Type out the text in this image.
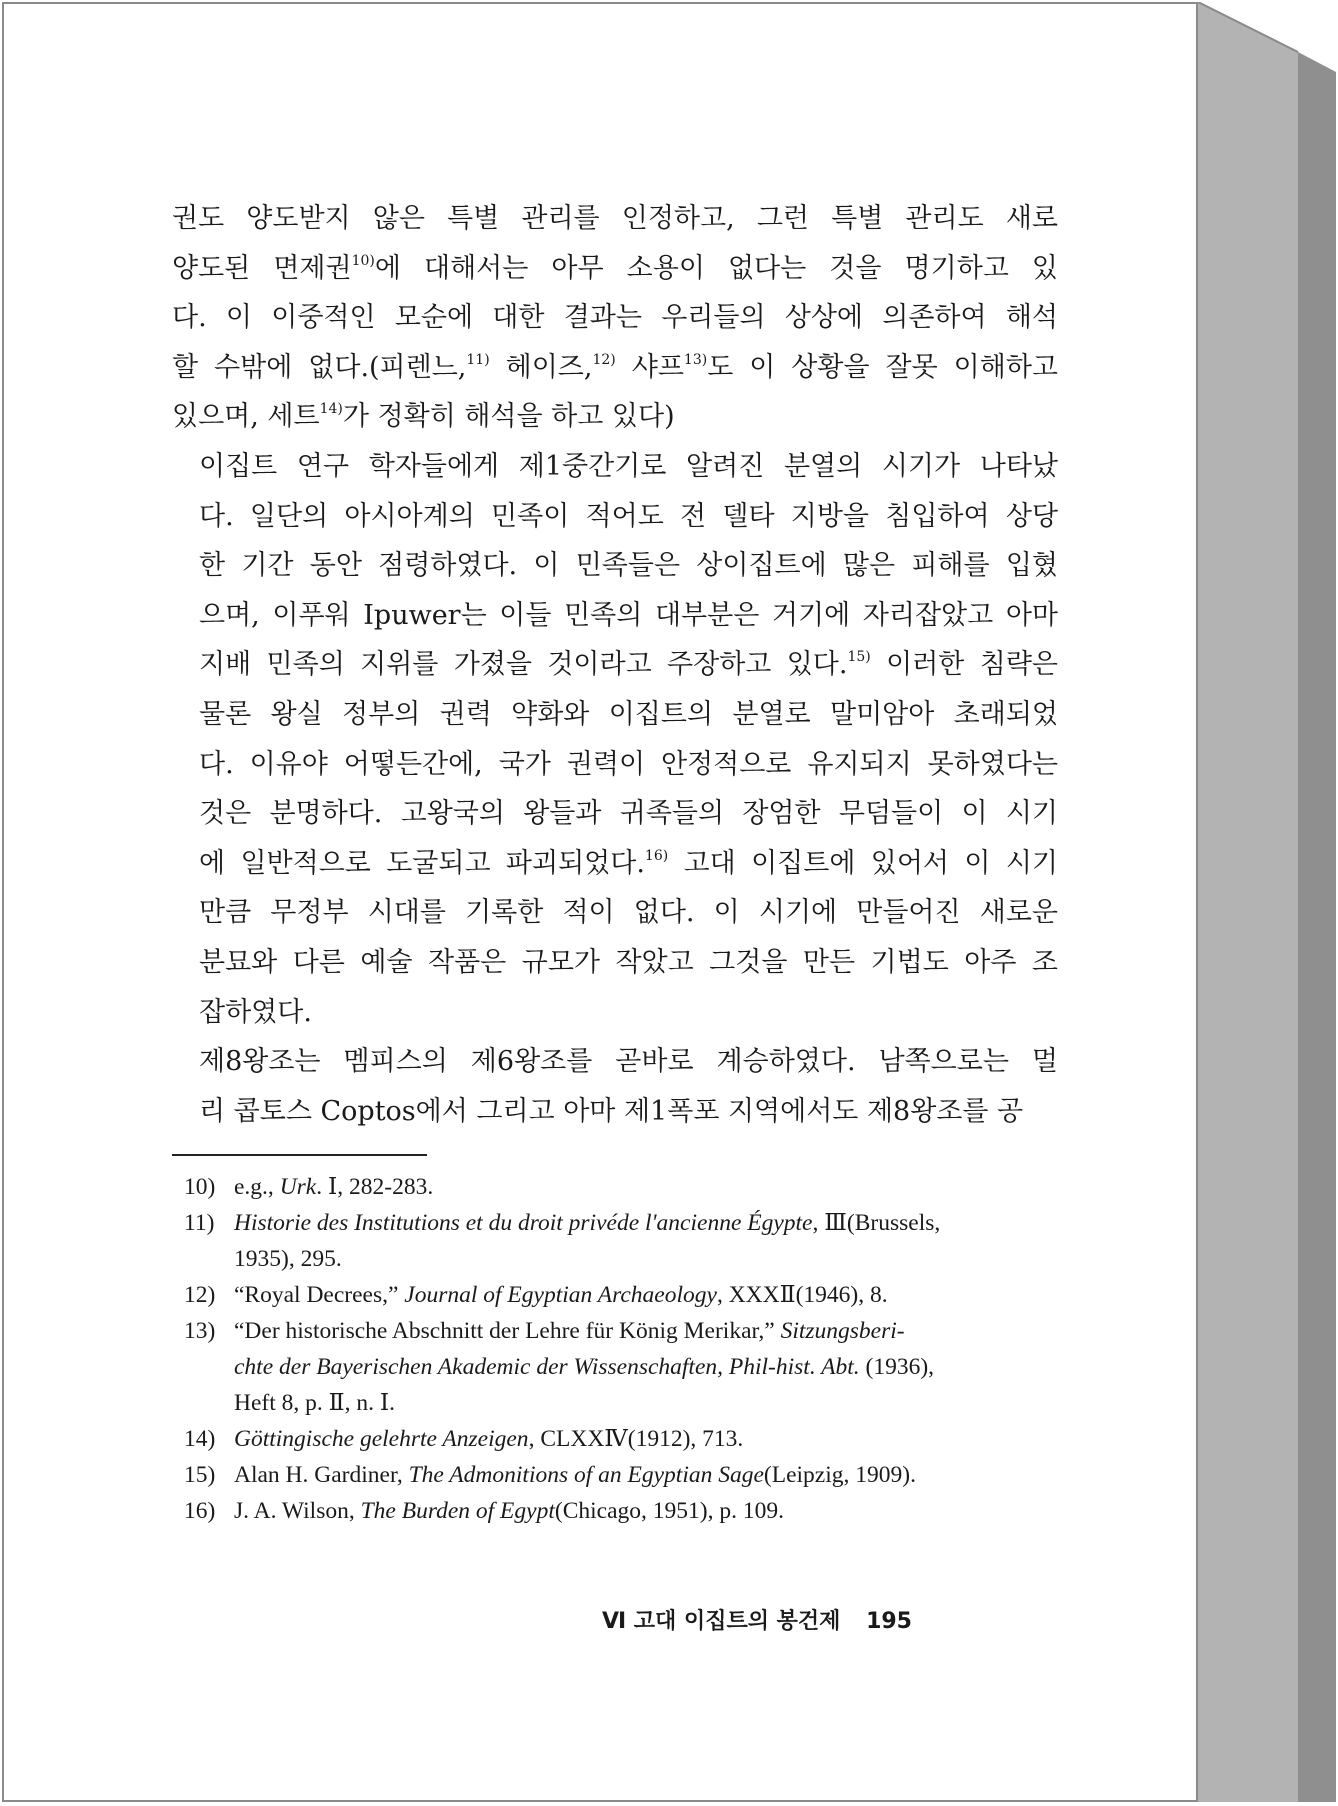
권도 양도받지 않은 특별 관리를 인정하고, 그런 특별 관리도 새로
양도된 면제권$^{10)}$에 대해서는 아무 소용이 없다는 것을 명기하고 있
다. 이 이중적인 모순에 대한 결과는 우리들의 상상에 의존하여 해석
할 수밖에 없다.(피렌느,$^{11)}$ 헤이즈,$^{12)}$ 샤프$^{13)}$도 이 상황을 잘못 이해하고
있으며, 세트$^{14)}$가 정확히 해석을 하고 있다)

이집트 연구 학자들에게 제1중간기로 알려진 분열의 시기가 나타났
다. 일단의 아시아계의 민족이 적어도 전 델타 지방을 침입하여 상당
한 기간 동안 점령하였다. 이 민족들은 상이집트에 많은 피해를 입혔
으며, 이푸워 Ipuwer는 이들 민족의 대부분은 거기에 자리잡았고 아마
지배 민족의 지위를 가졌을 것이라고 주장하고 있다.$^{15)}$ 이러한 침략은
물론 왕실 정부의 권력 약화와 이집트의 분열로 말미암아 초래되었
다. 이유야 어떻든간에, 국가 권력이 안정적으로 유지되지 못하였다는
것은 분명하다. 고왕국의 왕들과 귀족들의 장엄한 무덤들이 이 시기
에 일반적으로 도굴되고 파괴되었다.$^{16)}$ 고대 이집트에 있어서 이 시기
만큼 무정부 시대를 기록한 적이 없다. 이 시기에 만들어진 새로운
분묘와 다른 예술 작품은 규모가 작았고 그것을 만든 기법도 아주 조
잡하였다.

제8왕조는 멤피스의 제6왕조를 곧바로 계승하였다. 남쪽으로는 멀
리 콥토스 Coptos에서 그리고 아마 제1폭포 지역에서도 제8왕조를 공

10) e.g., Urk. Ⅰ, 282-283.
11) Historie des Institutions et du droit privéde l'ancienne Égypte, Ⅲ(Brussels,
1935), 295.
12) “Royal Decrees,” Journal of Egyptian Archaeology, XXXⅡ(1946), 8.
13) “Der historische Abschnitt der Lehre für König Merikar,” Sitzungsberi-
chte der Bayerischen Akademic der Wissenschaften, Phil-hist. Abt. (1936),
Heft 8, p. Ⅱ, n. Ⅰ.
14) Göttingische gelehrte Anzeigen, CLXXⅣ(1912), 713.
15) Alan H. Gardiner, The Admonitions of an Egyptian Sage(Leipzig, 1909).
16) J. A. Wilson, The Burden of Egypt(Chicago, 1951), p. 109.
Ⅵ 고대 이집트의 봉건제 195
